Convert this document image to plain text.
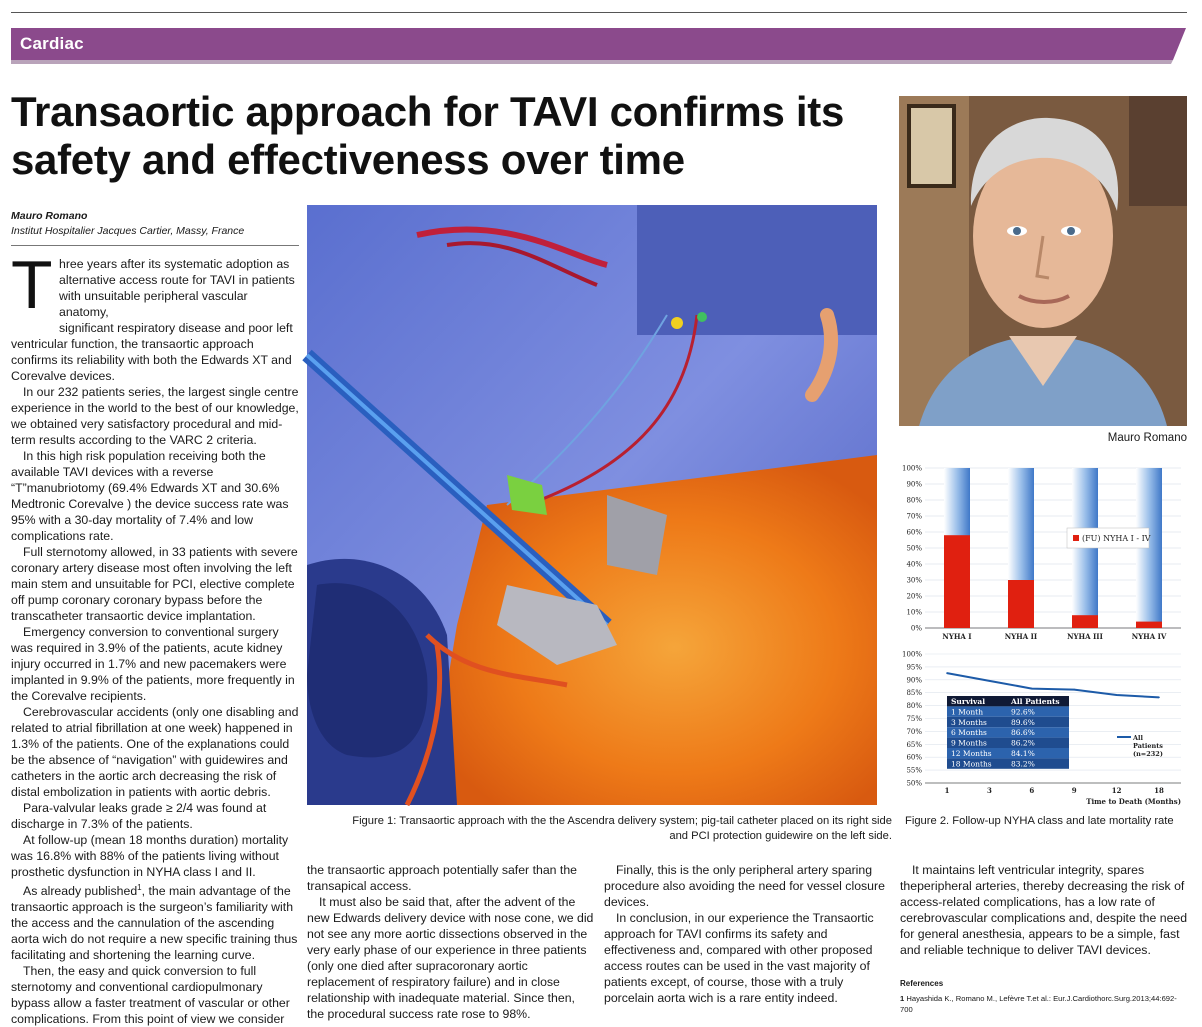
Cardiac
Transaortic approach for TAVI confirms its safety and effectiveness over time
Mauro Romano
Institut Hospitalier Jacques Cartier, Massy, France

T hree years after its systematic adoption as
alternative access route for TAVI in patients
with unsuitable peripheral vascular anatomy,
significant respiratory disease and poor left
ventricular function, the transaortic approach confirms its reliability with both the Edwards XT and Corevalve devices.

In our 232 patients series, the largest single centre experience in the world to the best of our knowledge, we obtained very satisfactory procedural and mid-term results according to the VARC 2 criteria.

In this high risk population receiving both the available TAVI devices with a reverse “T”manubriotomy (69.4% Edwards XT and 30.6% Medtronic Corevalve ) the device success rate was 95% with a 30-day mortality of 7.4% and low complications rate.

Full sternotomy allowed, in 33 patients with severe coronary artery disease most often involving the left main stem and unsuitable for PCI, elective complete off pump coronary coronary bypass before the transcatheter transaortic device implantation.

Emergency conversion to conventional surgery was required in 3.9% of the patients, acute kidney injury occurred in 1.7% and new pacemakers were implanted in 9.9% of the patients, more frequently in the Corevalve recipients.

Cerebrovascular accidents (only one disabling and related to atrial fibrillation at one week) happened in 1.3% of the patients. One of the explanations could be the absence of “navigation” with guidewires and catheters in the aortic arch decreasing the risk of distal embolization in patients with aortic debris.

Para-valvular leaks grade ≥ 2/4 was found at discharge in 7.3% of the patients.

At follow-up (mean 18 months duration) mortality was 16.8% with 88% of the patients living without prosthetic dysfunction in NYHA class I and II.

As already published$^1$, the main advantage of the transaortic approach is the surgeon’s familiarity with the access and the cannulation of the ascending aorta wich do not require a new specific training thus facilitating and shortening the learning curve.

Then, the easy and quick conversion to full sternotomy and conventional cardiopulmonary bypass allow a faster treatment of vascular or other complications. From this point of view we consider

the transaortic approach potentially safer than the transapical access.

It must also be said that, after the advent of the new Edwards delivery device with nose cone, we did not see any more aortic dissections observed in the very early phase of our experience in three patients (only one died after supracoronary aortic replacement of respiratory failure) and in close relationship with inadequate material. Since then, the procedural success rate rose to 98%.

Finally, this is the only peripheral artery sparing procedure also avoiding the need for vessel closure devices.

In conclusion, in our experience the Transaortic approach for TAVI confirms its safety and effectiveness and, compared with other proposed access routes can be used in the vast majority of patients except, of course, those with a truly porcelain aorta wich is a rare entity indeed.

It maintains left ventricular integrity, spares theperipheral arteries, thereby decreasing the risk of access-related complications, has a low rate of cerebrovascular complications and, despite the need for general anesthesia, appears to be a simple, fast and reliable technique to deliver TAVI devices.

Figure 1: Transaortic approach with the the Ascendra delivery system; pig-tail catheter placed on its right side
and PCI protection guidewire on the left side.
Mauro Romano
0%
10%
20%
30%
40%
50%
60%
70%
80%
90%
100%
NYHA I	NYHA II	NYHA III	NYHA IV
(FU) NYHA I - IV
50%
55%
60%
65%
70%
75%
80%
85%
90%
95%
100%
1	3	6	9	12	18
Time to Death (Months)
Survival	All Patients
1 Month	92.6%
3 Months	89.6%
6 Months	86.6%
9 Months	86.2%
12 Months	84.1%
18 Months	83.2%
All
Patients
(n=232)
Figure 2. Follow-up NYHA class and late mortality rate
References
1 Hayashida K., Romano M., Lefèvre T.et al.: Eur.J.Cardiothorc.Surg.2013;44:692-700
